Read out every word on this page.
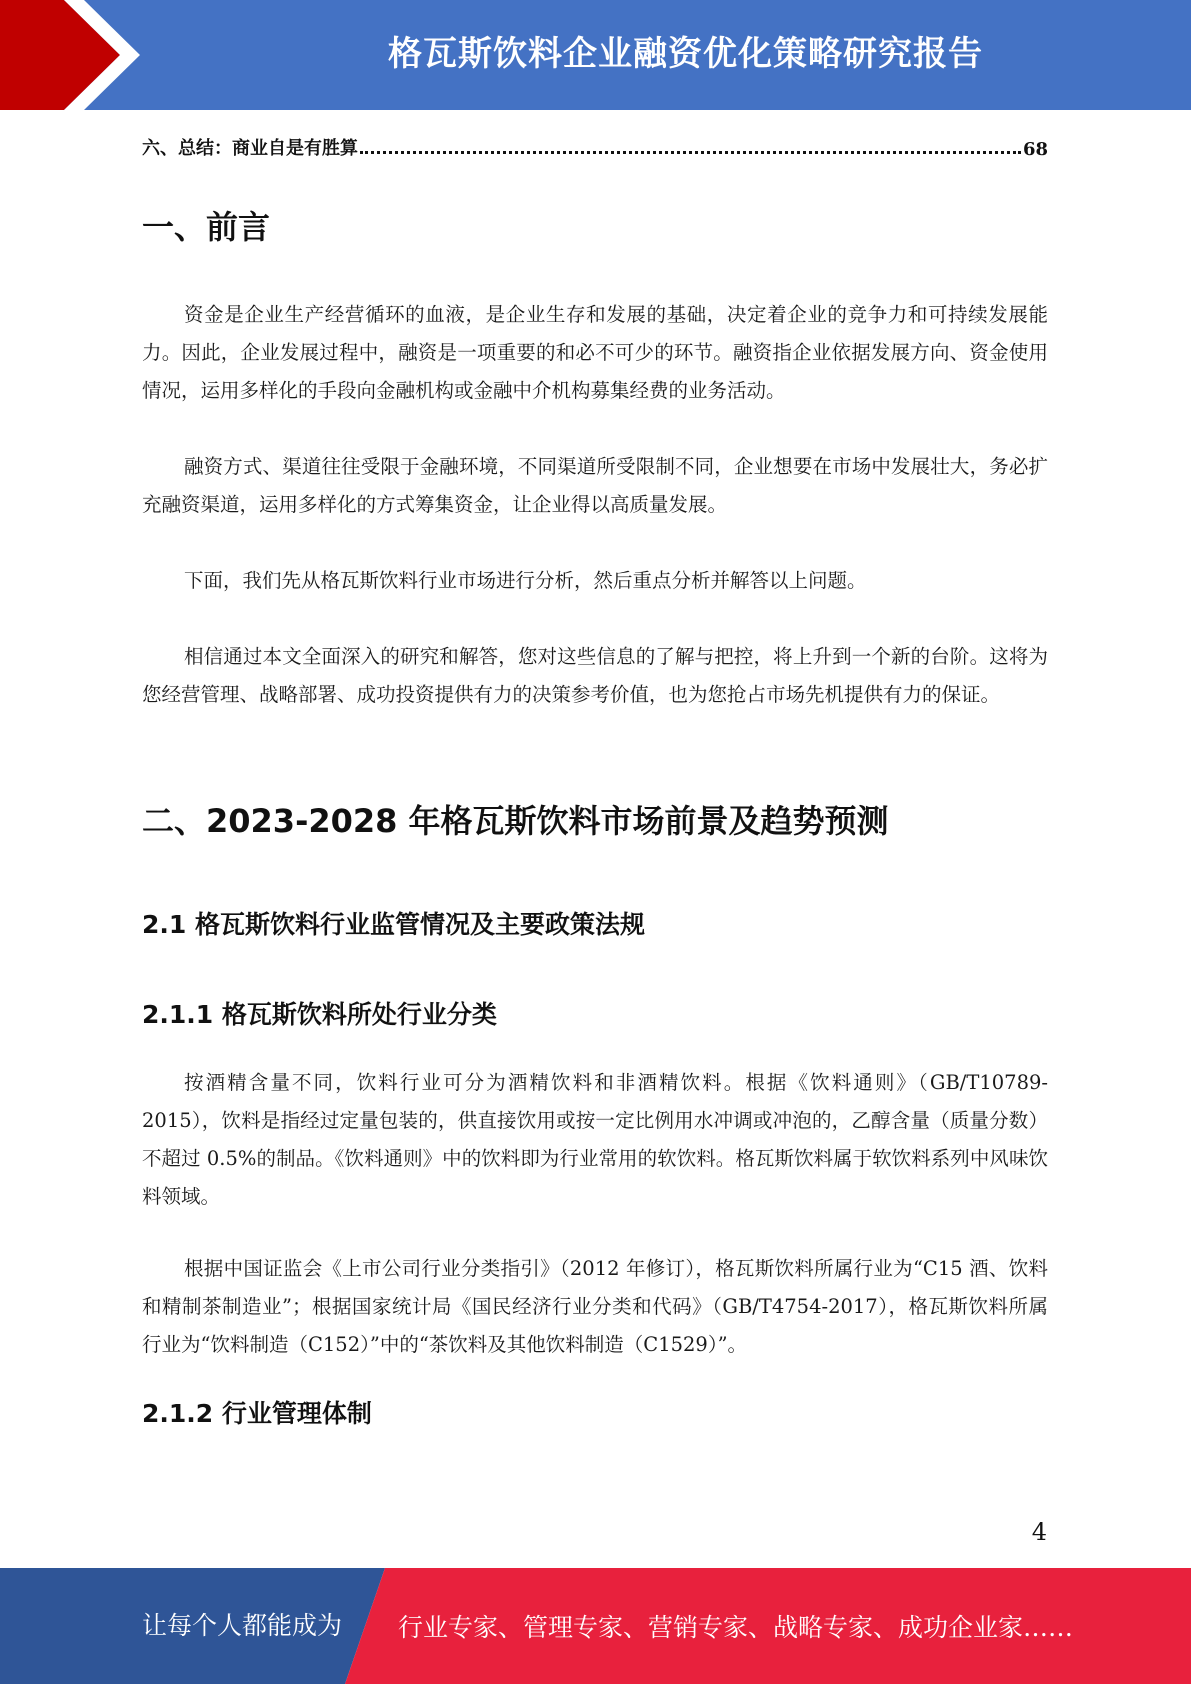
格瓦斯饮料企业融资优化策略研究报告
六、总结：商业自是有胜算	68
一、前言

资金是企业生产经营循环的血液，是企业生存和发展的基础，决定着企业的竞争力和可持续发展能力。因此，企业发展过程中，融资是一项重要的和必不可少的环节。融资指企业依据发展方向、资金使用情况，运用多样化的手段向金融机构或金融中介机构募集经费的业务活动。

融资方式、渠道往往受限于金融环境，不同渠道所受限制不同，企业想要在市场中发展壮大，务必扩充融资渠道，运用多样化的方式筹集资金，让企业得以高质量发展。

下面，我们先从格瓦斯饮料行业市场进行分析，然后重点分析并解答以上问题。

相信通过本文全面深入的研究和解答，您对这些信息的了解与把控，将上升到一个新的台阶。这将为您经营管理、战略部署、成功投资提供有力的决策参考价值，也为您抢占市场先机提供有力的保证。

二、2023-2028 年格瓦斯饮料市场前景及趋势预测
2.1 格瓦斯饮料行业监管情况及主要政策法规
2.1.1 格瓦斯饮料所处行业分类

按酒精含量不同，饮料行业可分为酒精饮料和非酒精饮料。根据《饮料通则》（GB/T10789-2015），饮料是指经过定量包装的，供直接饮用或按一定比例用水冲调或冲泡的，乙醇含量（质量分数）不超过 0.5%的制品。《饮料通则》中的饮料即为行业常用的软饮料。格瓦斯饮料属于软饮料系列中风味饮料领域。

根据中国证监会《上市公司行业分类指引》（2012 年修订），格瓦斯饮料所属行业为“C15 酒、饮料和精制茶制造业”；根据国家统计局《国民经济行业分类和代码》（GB/T4754-2017），格瓦斯饮料所属行业为“饮料制造（C152）”中的“茶饮料及其他饮料制造（C1529）”。

2.1.2 行业管理体制
4
让每个人都能成为 行业专家、管理专家、营销专家、战略专家、成功企业家……
